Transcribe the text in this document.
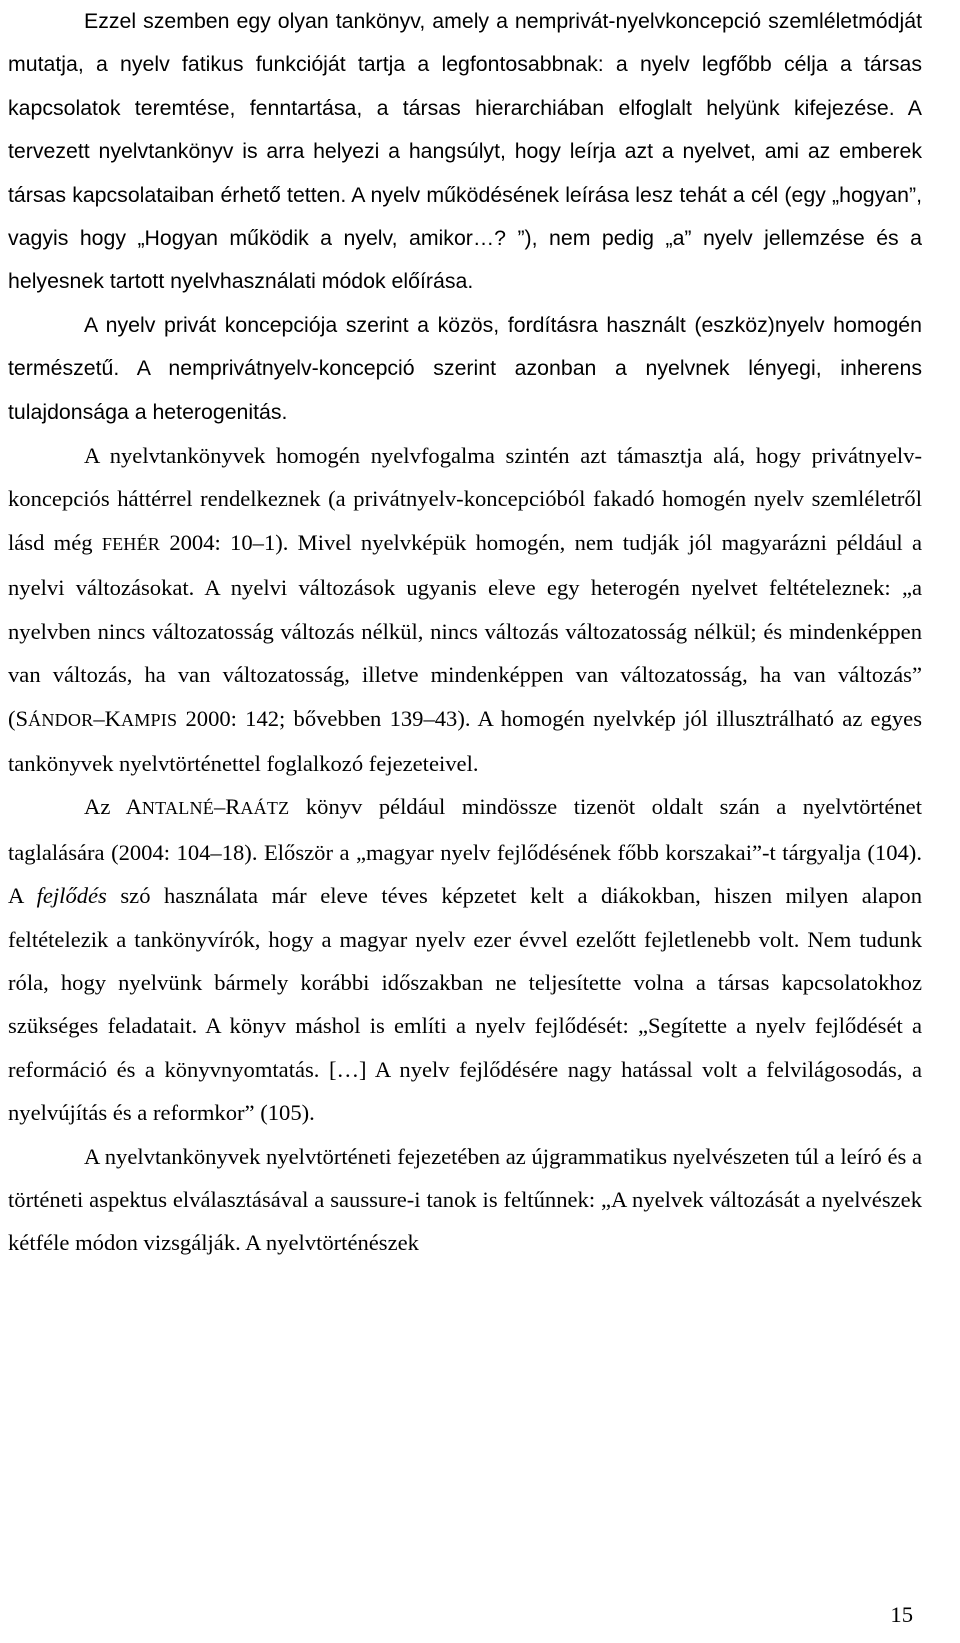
Ezzel szemben egy olyan tankönyv, amely a nemprivát-nyelvkoncepció szemléletmódját mutatja, a nyelv fatikus funkcióját tartja a legfontosabbnak: a nyelv legfőbb célja a társas kapcsolatok teremtése, fenntartása, a társas hierarchiában elfoglalt helyünk kifejezése. A tervezett nyelvtankönyv is arra helyezi a hangsúlyt, hogy leírja azt a nyelvet, ami az emberek társas kapcsolataiban érhető tetten. A nyelv működésének leírása lesz tehát a cél (egy „hogyan”, vagyis hogy „Hogyan működik a nyelv, amikor…? ”), nem pedig „a” nyelv jellemzése és a helyesnek tartott nyelvhasználati módok előírása.

A nyelv privát koncepciója szerint a közös, fordításra használt (eszköz)nyelv homogén természetű. A nemprivátnyelv-koncepció szerint azonban a nyelvnek lényegi, inherens tulajdonsága a heterogenitás.

A nyelvtankönyvek homogén nyelvfogalma szintén azt támasztja alá, hogy privátnyelv-koncepciós háttérrel rendelkeznek (a privátnyelv-koncepcióból fakadó homogén nyelv szemléletről lásd még FEHÉR 2004: 10–1). Mivel nyelvképük homogén, nem tudják jól magyarázni például a nyelvi változásokat. A nyelvi változások ugyanis eleve egy heterogén nyelvet feltételeznek: „a nyelvben nincs változatosság változás nélkül, nincs változás változatosság nélkül; és mindenképpen van változás, ha van változatosság, illetve mindenképpen van változatosság, ha van változás” (SÁNDOR–KAMPIS 2000: 142; bővebben 139–43). A homogén nyelvkép jól illusztrálható az egyes tankönyvek nyelvtörténettel foglalkozó fejezeteivel.

Az ANTALNÉ–RAÁTZ könyv például mindössze tizenöt oldalt szán a nyelvtörténet taglalására (2004: 104–18). Először a „magyar nyelv fejlődésének főbb korszakai”-t tárgyalja (104). A fejlődés szó használata már eleve téves képzetet kelt a diákokban, hiszen milyen alapon feltételezik a tankönyvírók, hogy a magyar nyelv ezer évvel ezelőtt fejletlenebb volt. Nem tudunk róla, hogy nyelvünk bármely korábbi időszakban ne teljesítette volna a társas kapcsolatokhoz szükséges feladatait. A könyv máshol is említi a nyelv fejlődését: „Segítette a nyelv fejlődését a reformáció és a könyvnyomtatás. […] A nyelv fejlődésére nagy hatással volt a felvilágosodás, a nyelvújítás és a reformkor” (105).

A nyelvtankönyvek nyelvtörténeti fejezetében az újgrammatikus nyelvészeten túl a leíró és a történeti aspektus elválasztásával a saussure-i tanok is feltűnnek: „A nyelvek változását a nyelvészek kétféle módon vizsgálják. A nyelvtörténészek

15
